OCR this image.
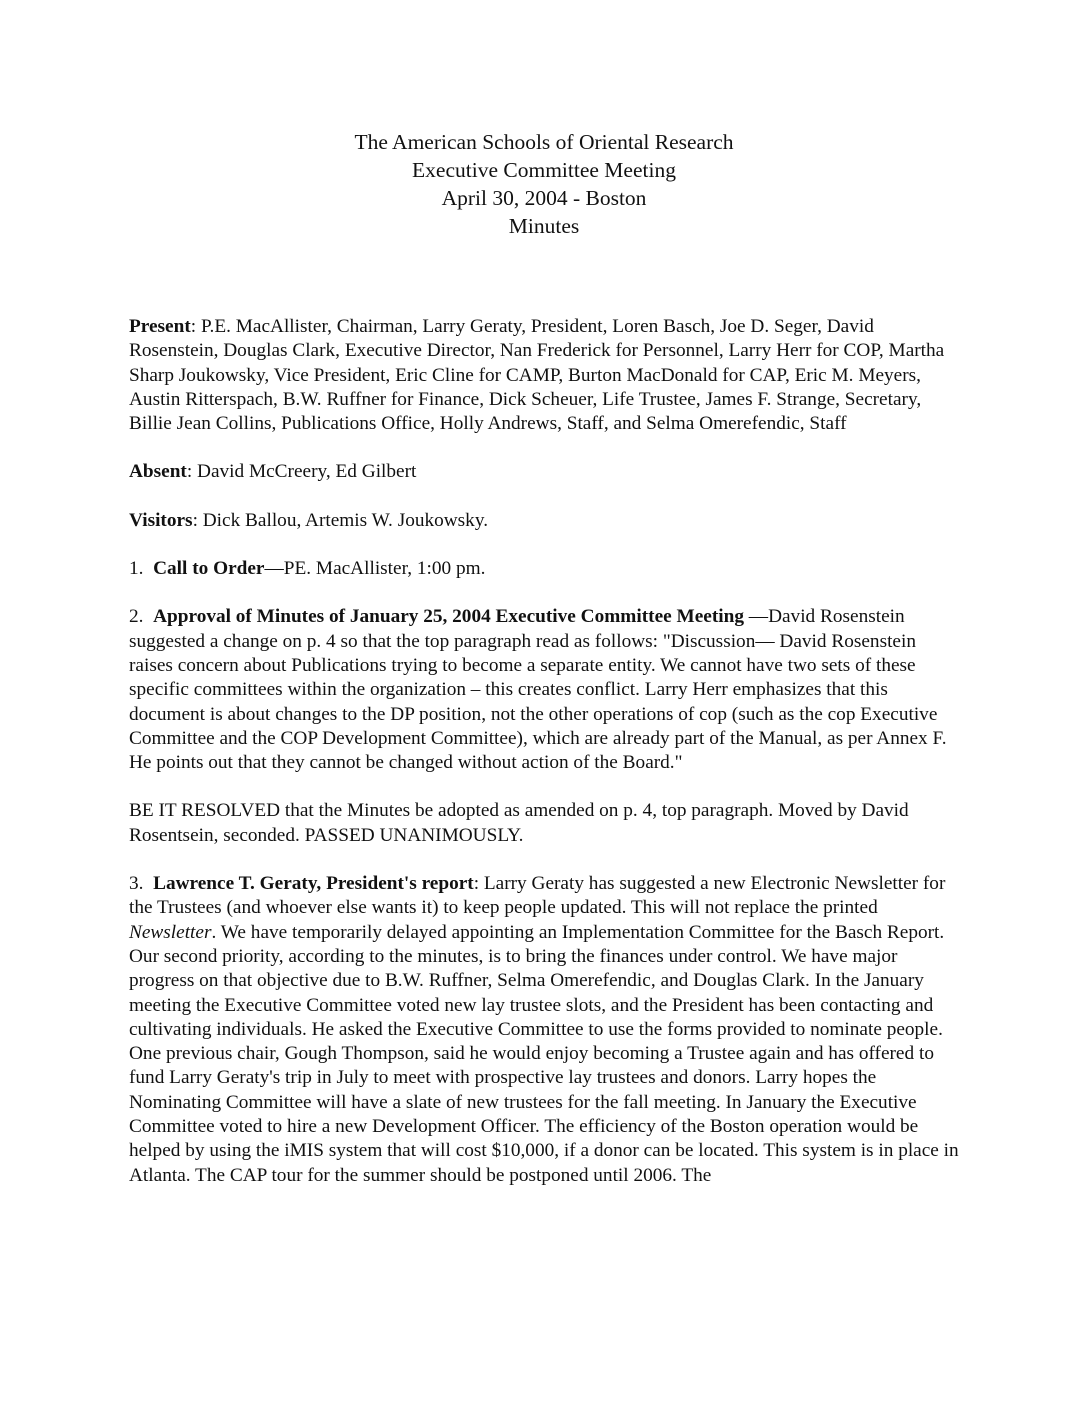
The American Schools of Oriental Research
Executive Committee Meeting
April 30, 2004 - Boston
Minutes

Present: P.E. MacAllister, Chairman, Larry Geraty, President, Loren Basch, Joe D. Seger, David Rosenstein, Douglas Clark, Executive Director, Nan Frederick for Personnel, Larry Herr for COP, Martha Sharp Joukowsky, Vice President, Eric Cline for CAMP, Burton MacDonald for CAP, Eric M. Meyers, Austin Ritterspach, B.W. Ruffner for Finance, Dick Scheuer, Life Trustee, James F. Strange, Secretary, Billie Jean Collins, Publications Office, Holly Andrews, Staff, and Selma Omerefendic, Staff

Absent: David McCreery, Ed Gilbert

Visitors: Dick Ballou, Artemis W. Joukowsky.

1.  Call to Order—PE. MacAllister, 1:00 pm.

2.  Approval of Minutes of January 25, 2004 Executive Committee Meeting —David Rosenstein suggested a change on p. 4 so that the top paragraph read as follows: "Discussion— David Rosenstein raises concern about Publications trying to become a separate entity. We cannot have two sets of these specific committees within the organization – this creates conflict. Larry Herr emphasizes that this document is about changes to the DP position, not the other operations of cop (such as the cop Executive Committee and the COP Development Committee), which are already part of the Manual, as per Annex F. He points out that they cannot be changed without action of the Board."

BE IT RESOLVED that the Minutes be adopted as amended on p. 4, top paragraph. Moved by David Rosentsein, seconded. PASSED UNANIMOUSLY.

3.  Lawrence T. Geraty, President's report: Larry Geraty has suggested a new Electronic Newsletter for the Trustees (and whoever else wants it) to keep people updated. This will not replace the printed Newsletter. We have temporarily delayed appointing an Implementation Committee for the Basch Report. Our second priority, according to the minutes, is to bring the finances under control. We have major progress on that objective due to B.W. Ruffner, Selma Omerefendic, and Douglas Clark. In the January meeting the Executive Committee voted new lay trustee slots, and the President has been contacting and cultivating individuals. He asked the Executive Committee to use the forms provided to nominate people. One previous chair, Gough Thompson, said he would enjoy becoming a Trustee again and has offered to fund Larry Geraty's trip in July to meet with prospective lay trustees and donors. Larry hopes the Nominating Committee will have a slate of new trustees for the fall meeting. In January the Executive Committee voted to hire a new Development Officer. The efficiency of the Boston operation would be helped by using the iMIS system that will cost $10,000, if a donor can be located. This system is in place in Atlanta. The CAP tour for the summer should be postponed until 2006. The
